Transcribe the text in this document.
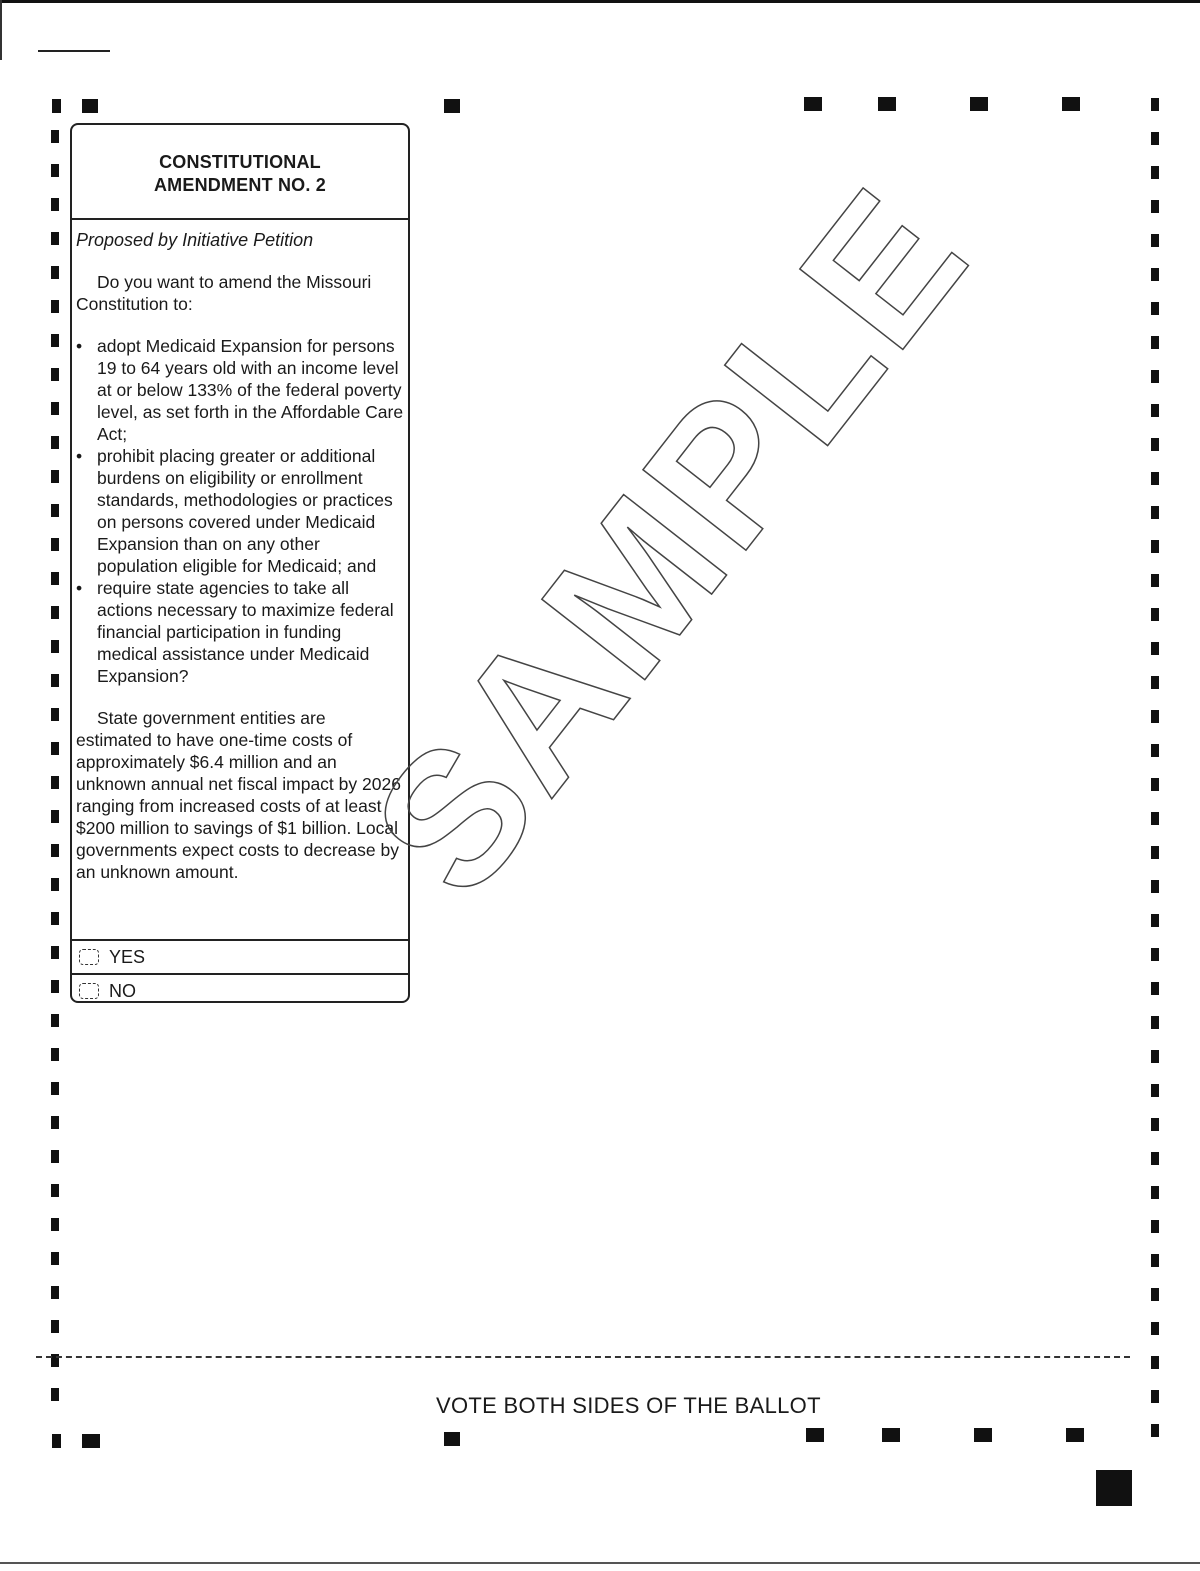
CONSTITUTIONAL
AMENDMENT NO. 2
Proposed by Initiative Petition
Do you want to amend the Missouri Constitution to:
• adopt Medicaid Expansion for persons 19 to 64 years old with an income level at or below 133% of the federal poverty level, as set forth in the Affordable Care Act;
• prohibit placing greater or additional burdens on eligibility or enrollment standards, methodologies or practices on persons covered under Medicaid Expansion than on any other population eligible for Medicaid; and
• require state agencies to take all actions necessary to maximize federal financial participation in funding medical assistance under Medicaid Expansion?
State government entities are estimated to have one-time costs of approximately $6.4 million and an unknown annual net fiscal impact by 2026 ranging from increased costs of at least $200 million to savings of $1 billion. Local governments expect costs to decrease by an unknown amount.
YES
NO
VOTE BOTH SIDES OF THE BALLOT
SAMPLE
